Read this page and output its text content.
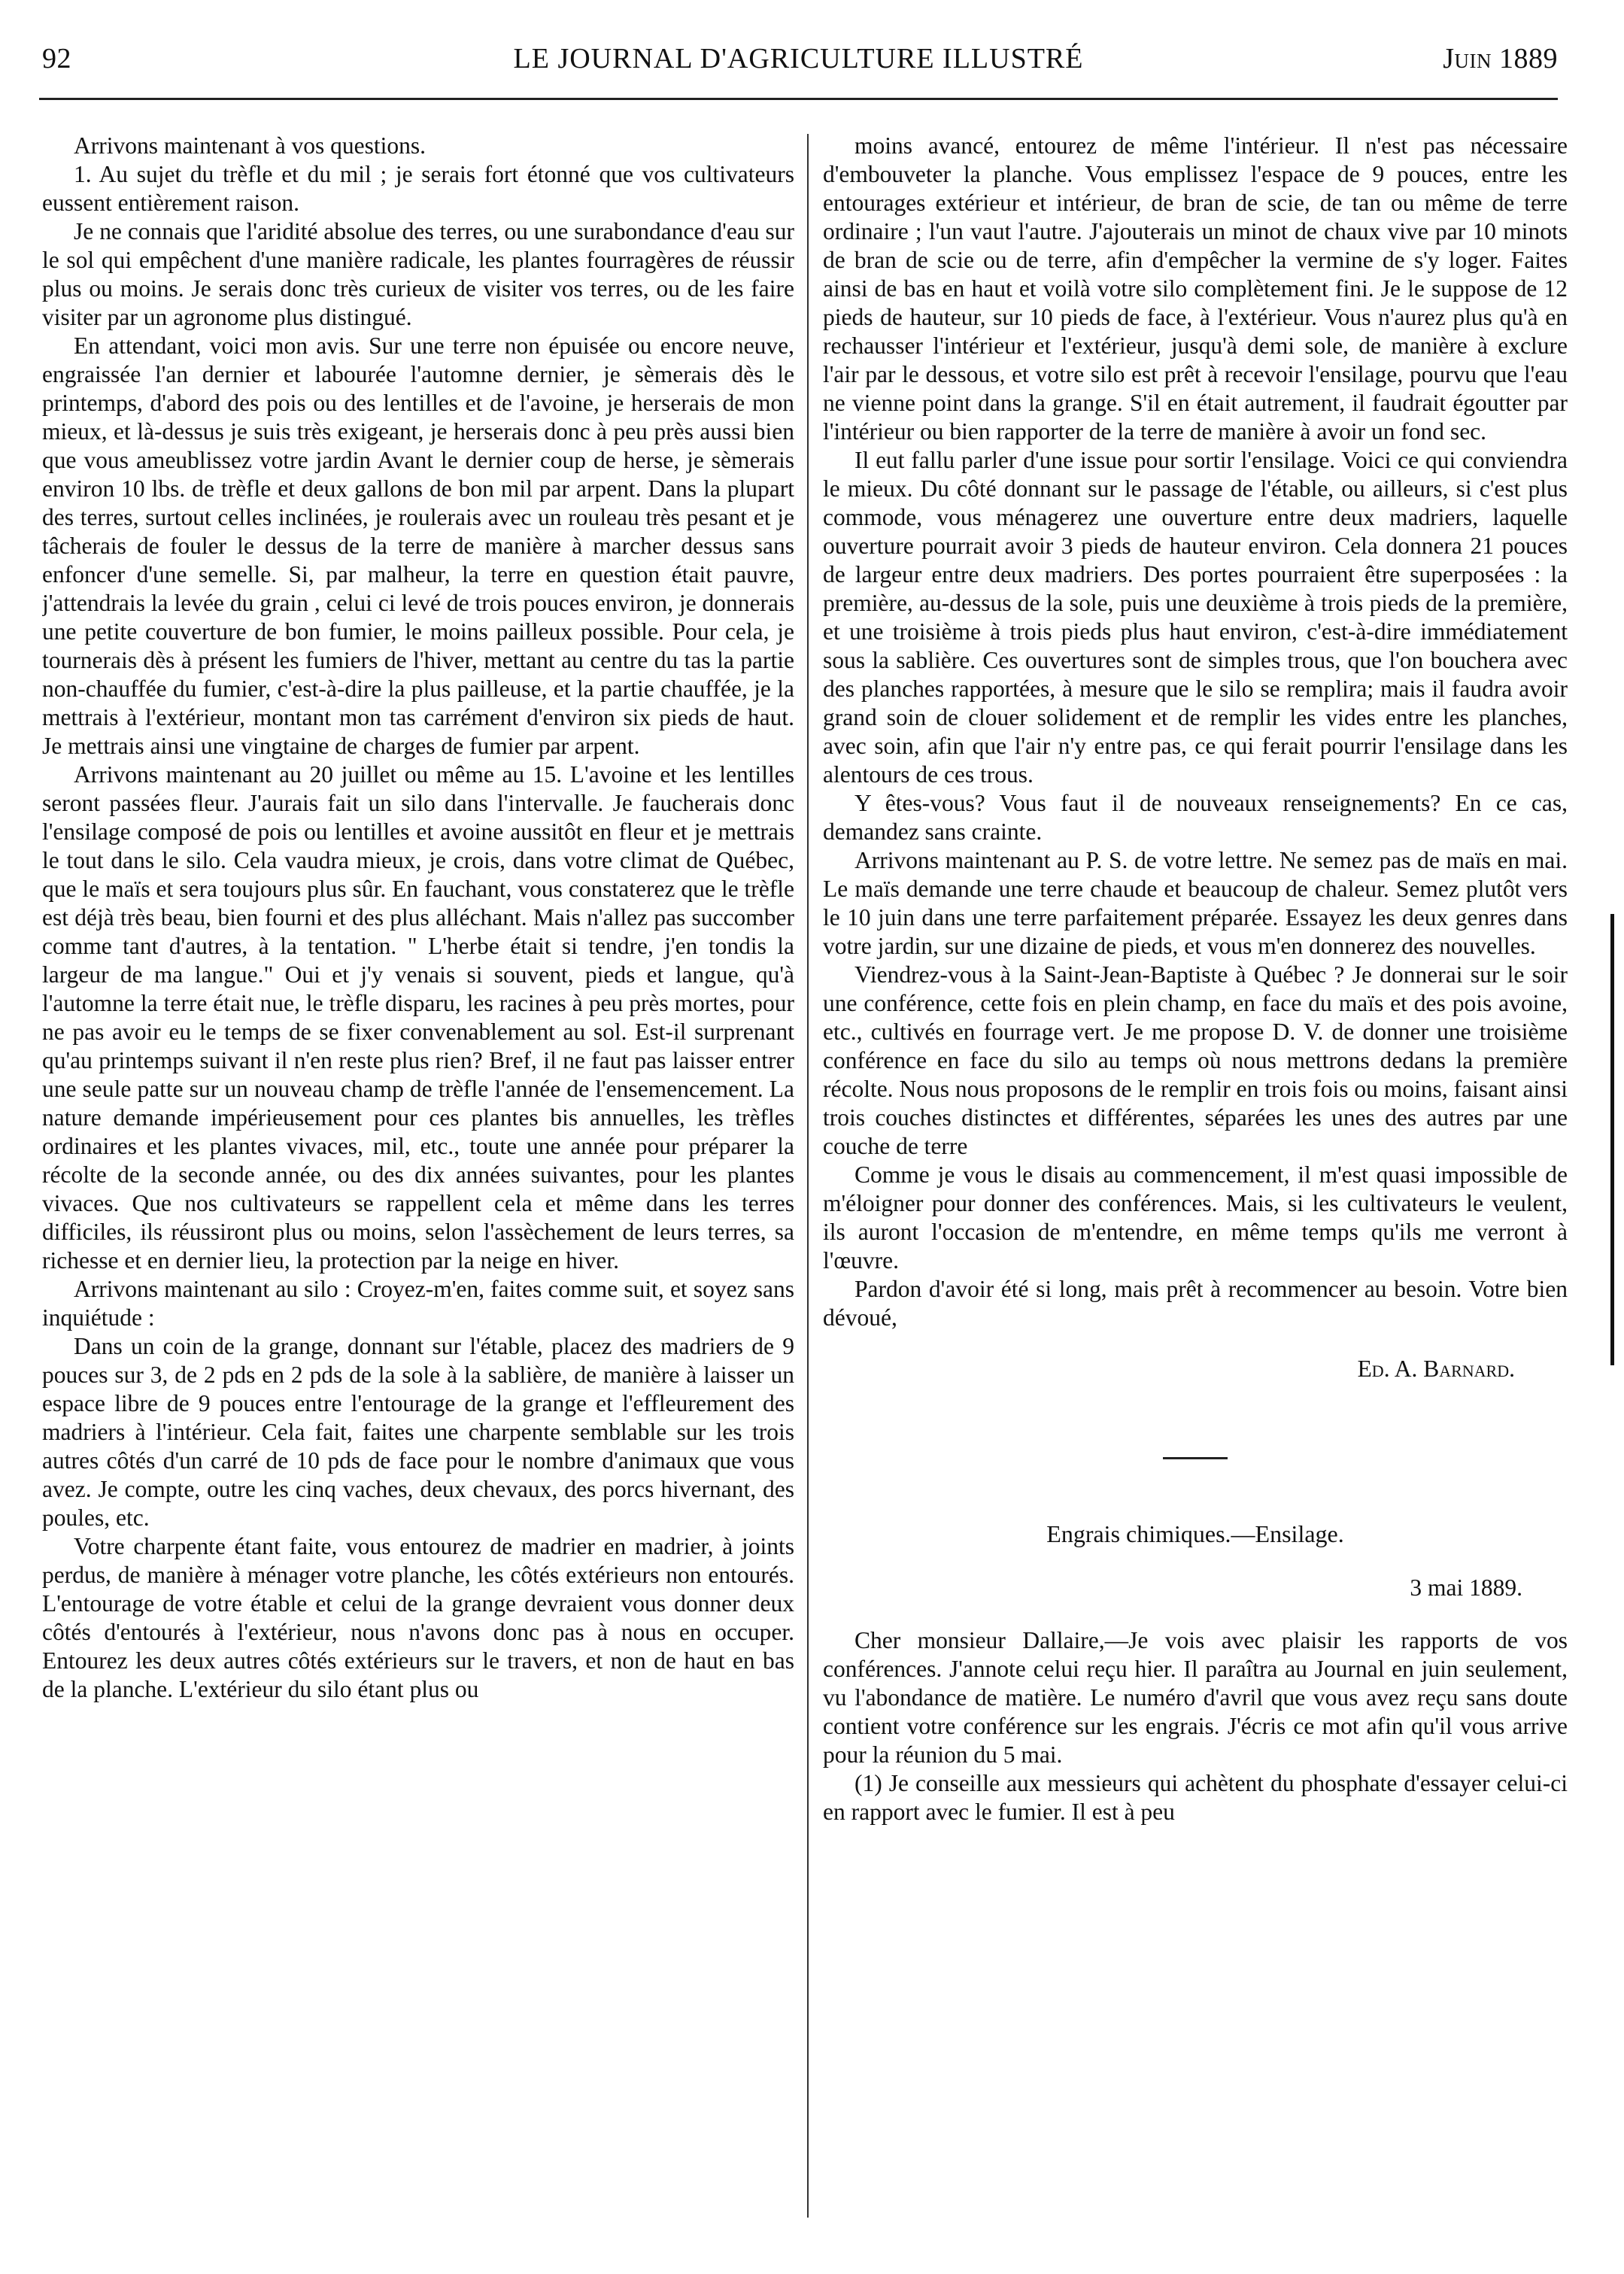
92	LE JOURNAL D'AGRICULTURE ILLUSTRÉ	Juin 1889

Arrivons maintenant à vos questions.

1. Au sujet du trèfle et du mil ; je serais fort étonné que vos cultivateurs eussent entièrement raison.

Je ne connais que l'aridité absolue des terres, ou une surabondance d'eau sur le sol qui empêchent d'une manière radicale, les plantes fourragères de réussir plus ou moins. Je serais donc très curieux de visiter vos terres, ou de les faire visiter par un agronome plus distingué.

En attendant, voici mon avis. Sur une terre non épuisée ou encore neuve, engraissée l'an dernier et labourée l'automne dernier, je sèmerais dès le printemps, d'abord des pois ou des lentilles et de l'avoine, je herserais de mon mieux, et là-dessus je suis très exigeant, je herserais donc à peu près aussi bien que vous ameublissez votre jardin Avant le dernier coup de herse, je sèmerais environ 10 lbs. de trèfle et deux gallons de bon mil par arpent. Dans la plupart des terres, surtout celles inclinées, je roulerais avec un rouleau très pesant et je tâcherais de fouler le dessus de la terre de manière à marcher dessus sans enfoncer d'une semelle. Si, par malheur, la terre en question était pauvre, j'attendrais la levée du grain , celui ci levé de trois pouces environ, je donnerais une petite couverture de bon fumier, le moins pailleux possible. Pour cela, je tournerais dès à présent les fumiers de l'hiver, mettant au centre du tas la partie non-chauffée du fumier, c'est-à-dire la plus pailleuse, et la partie chauffée, je la mettrais à l'extérieur, montant mon tas carrément d'environ six pieds de haut. Je mettrais ainsi une vingtaine de charges de fumier par arpent.

Arrivons maintenant au 20 juillet ou même au 15. L'avoine et les lentilles seront passées fleur. J'aurais fait un silo dans l'intervalle. Je faucherais donc l'ensilage composé de pois ou lentilles et avoine aussitôt en fleur et je mettrais le tout dans le silo. Cela vaudra mieux, je crois, dans votre climat de Québec, que le maïs et sera toujours plus sûr. En fauchant, vous constaterez que le trèfle est déjà très beau, bien fourni et des plus alléchant. Mais n'allez pas succomber comme tant d'autres, à la tentation. " L'herbe était si tendre, j'en tondis la largeur de ma langue." Oui et j'y venais si souvent, pieds et langue, qu'à l'automne la terre était nue, le trèfle disparu, les racines à peu près mortes, pour ne pas avoir eu le temps de se fixer convenablement au sol. Est-il surprenant qu'au printemps suivant il n'en reste plus rien? Bref, il ne faut pas laisser entrer une seule patte sur un nouveau champ de trèfle l'année de l'ensemencement. La nature demande impérieusement pour ces plantes bis annuelles, les trèfles ordinaires et les plantes vivaces, mil, etc., toute une année pour préparer la récolte de la seconde année, ou des dix années suivantes, pour les plantes vivaces. Que nos cultivateurs se rappellent cela et même dans les terres difficiles, ils réussiront plus ou moins, selon l'assèchement de leurs terres, sa richesse et en dernier lieu, la protection par la neige en hiver.

Arrivons maintenant au silo : Croyez-m'en, faites comme suit, et soyez sans inquiétude :

Dans un coin de la grange, donnant sur l'étable, placez des madriers de 9 pouces sur 3, de 2 pds en 2 pds de la sole à la sablière, de manière à laisser un espace libre de 9 pouces entre l'entourage de la grange et l'effleurement des madriers à l'intérieur. Cela fait, faites une charpente semblable sur les trois autres côtés d'un carré de 10 pds de face pour le nombre d'animaux que vous avez. Je compte, outre les cinq vaches, deux chevaux, des porcs hivernant, des poules, etc.

Votre charpente étant faite, vous entourez de madrier en madrier, à joints perdus, de manière à ménager votre planche, les côtés extérieurs non entourés. L'entourage de votre étable et celui de la grange devraient vous donner deux côtés d'entourés à l'extérieur, nous n'avons donc pas à nous en occuper. Entourez les deux autres côtés extérieurs sur le travers, et non de haut en bas de la planche. L'extérieur du silo étant plus ou

moins avancé, entourez de même l'intérieur. Il n'est pas nécessaire d'embouveter la planche. Vous emplissez l'espace de 9 pouces, entre les entourages extérieur et intérieur, de bran de scie, de tan ou même de terre ordinaire ; l'un vaut l'autre. J'ajouterais un minot de chaux vive par 10 minots de bran de scie ou de terre, afin d'empêcher la vermine de s'y loger. Faites ainsi de bas en haut et voilà votre silo complètement fini. Je le suppose de 12 pieds de hauteur, sur 10 pieds de face, à l'extérieur. Vous n'aurez plus qu'à en rechausser l'intérieur et l'extérieur, jusqu'à demi sole, de manière à exclure l'air par le dessous, et votre silo est prêt à recevoir l'ensilage, pourvu que l'eau ne vienne point dans la grange. S'il en était autrement, il faudrait égoutter par l'intérieur ou bien rapporter de la terre de manière à avoir un fond sec.

Il eut fallu parler d'une issue pour sortir l'ensilage. Voici ce qui conviendra le mieux. Du côté donnant sur le passage de l'étable, ou ailleurs, si c'est plus commode, vous ménagerez une ouverture entre deux madriers, laquelle ouverture pourrait avoir 3 pieds de hauteur environ. Cela donnera 21 pouces de largeur entre deux madriers. Des portes pourraient être superposées : la première, au-dessus de la sole, puis une deuxième à trois pieds de la première, et une troisième à trois pieds plus haut environ, c'est-à-dire immédiatement sous la sablière. Ces ouvertures sont de simples trous, que l'on bouchera avec des planches rapportées, à mesure que le silo se remplira; mais il faudra avoir grand soin de clouer solidement et de remplir les vides entre les planches, avec soin, afin que l'air n'y entre pas, ce qui ferait pourrir l'ensilage dans les alentours de ces trous.

Y êtes-vous? Vous faut il de nouveaux renseignements? En ce cas, demandez sans crainte.

Arrivons maintenant au P. S. de votre lettre. Ne semez pas de maïs en mai. Le maïs demande une terre chaude et beaucoup de chaleur. Semez plutôt vers le 10 juin dans une terre parfaitement préparée. Essayez les deux genres dans votre jardin, sur une dizaine de pieds, et vous m'en donnerez des nouvelles.

Viendrez-vous à la Saint-Jean-Baptiste à Québec ? Je donnerai sur le soir une conférence, cette fois en plein champ, en face du maïs et des pois avoine, etc., cultivés en fourrage vert. Je me propose D. V. de donner une troisième conférence en face du silo au temps où nous mettrons dedans la première récolte. Nous nous proposons de le remplir en trois fois ou moins, faisant ainsi trois couches distinctes et différentes, séparées les unes des autres par une couche de terre

Comme je vous le disais au commencement, il m'est quasi impossible de m'éloigner pour donner des conférences. Mais, si les cultivateurs le veulent, ils auront l'occasion de m'entendre, en même temps qu'ils me verront à l'œuvre.

Pardon d'avoir été si long, mais prêt à recommencer au besoin. Votre bien dévoué,

Ed. A. Barnard.

Engrais chimiques.—Ensilage.

3 mai 1889.

Cher monsieur Dallaire,—Je vois avec plaisir les rapports de vos conférences. J'annote celui reçu hier. Il paraîtra au Journal en juin seulement, vu l'abondance de matière. Le numéro d'avril que vous avez reçu sans doute contient votre conférence sur les engrais. J'écris ce mot afin qu'il vous arrive pour la réunion du 5 mai.

(1) Je conseille aux messieurs qui achètent du phosphate d'essayer celui-ci en rapport avec le fumier. Il est à peu
